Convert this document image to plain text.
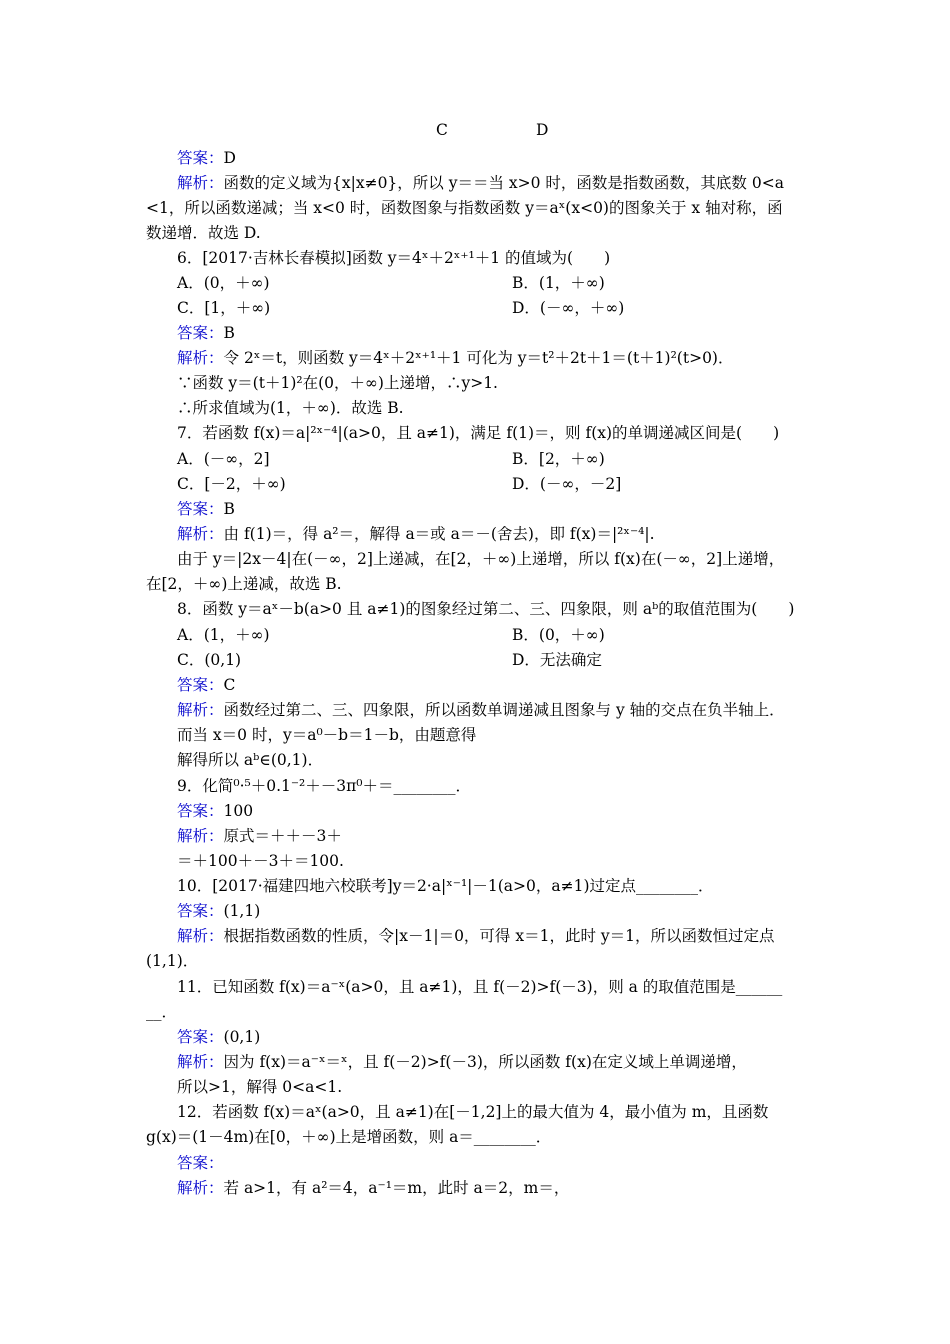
C	D
答案：D
解析：函数的定义域为{x|x≠0}，所以 y＝＝当 x>0 时，函数是指数函数，其底数 0<a
<1，所以函数递减；当 x<0 时，函数图象与指数函数 y＝aˣ(x<0)的图象关于 x 轴对称，函
数递增．故选 D.
6．[2017·吉林长春模拟]函数 y＝4ˣ＋2ˣ⁺¹＋1 的值域为(　　)
A．(0，＋∞)	B．(1，＋∞)
C．[1，＋∞)	D．(－∞，＋∞)
答案：B
解析：令 2ˣ＝t，则函数 y＝4ˣ＋2ˣ⁺¹＋1 可化为 y＝t²＋2t＋1＝(t＋1)²(t>0)．
∵函数 y＝(t＋1)²在(0，＋∞)上递增，∴y>1.
∴所求值域为(1，＋∞)．故选 B.
7．若函数 f(x)＝a|²ˣ⁻⁴|(a>0，且 a≠1)，满足 f(1)＝，则 f(x)的单调递减区间是(　　)
A．(－∞，2]	B．[2，＋∞)
C．[－2，＋∞)	D．(－∞，－2]
答案：B
解析：由 f(1)＝，得 a²＝，解得 a＝或 a＝－(舍去)，即 f(x)＝|²ˣ⁻⁴|.
由于 y＝|2x－4|在(－∞，2]上递减，在[2，＋∞)上递增，所以 f(x)在(－∞，2]上递增，
在[2，＋∞)上递减，故选 B.
8．函数 y＝aˣ－b(a>0 且 a≠1)的图象经过第二、三、四象限，则 aᵇ的取值范围为(　　)
A．(1，＋∞)	B．(0，＋∞)
C．(0,1)	D．无法确定
答案：C
解析：函数经过第二、三、四象限，所以函数单调递减且图象与 y 轴的交点在负半轴上．
而当 x＝0 时，y＝a⁰－b＝1－b，由题意得
解得所以 aᵇ∈(0,1)．
9．化简⁰·⁵＋0.1⁻²＋－3π⁰＋＝________．
答案：100
解析：原式＝＋＋－3＋
＝＋100＋－3＋＝100.
10．[2017·福建四地六校联考]y＝2·a|ˣ⁻¹|－1(a>0，a≠1)过定点________．
答案：(1,1)
解析：根据指数函数的性质，令|x－1|＝0，可得 x＝1，此时 y＝1，所以函数恒过定点
(1,1)．
11．已知函数 f(x)＝a⁻ˣ(a>0，且 a≠1)，且 f(－2)>f(－3)，则 a 的取值范围是______
__．
答案：(0,1)
解析：因为 f(x)＝a⁻ˣ＝ˣ，且 f(－2)>f(－3)，所以函数 f(x)在定义域上单调递增，
所以>1，解得 0<a<1.
12．若函数 f(x)＝aˣ(a>0，且 a≠1)在[－1,2]上的最大值为 4，最小值为 m，且函数
g(x)＝(1－4m)在[0，＋∞)上是增函数，则 a＝________．
答案：
解析：若 a>1，有 a²＝4，a⁻¹＝m，此时 a＝2，m＝，
